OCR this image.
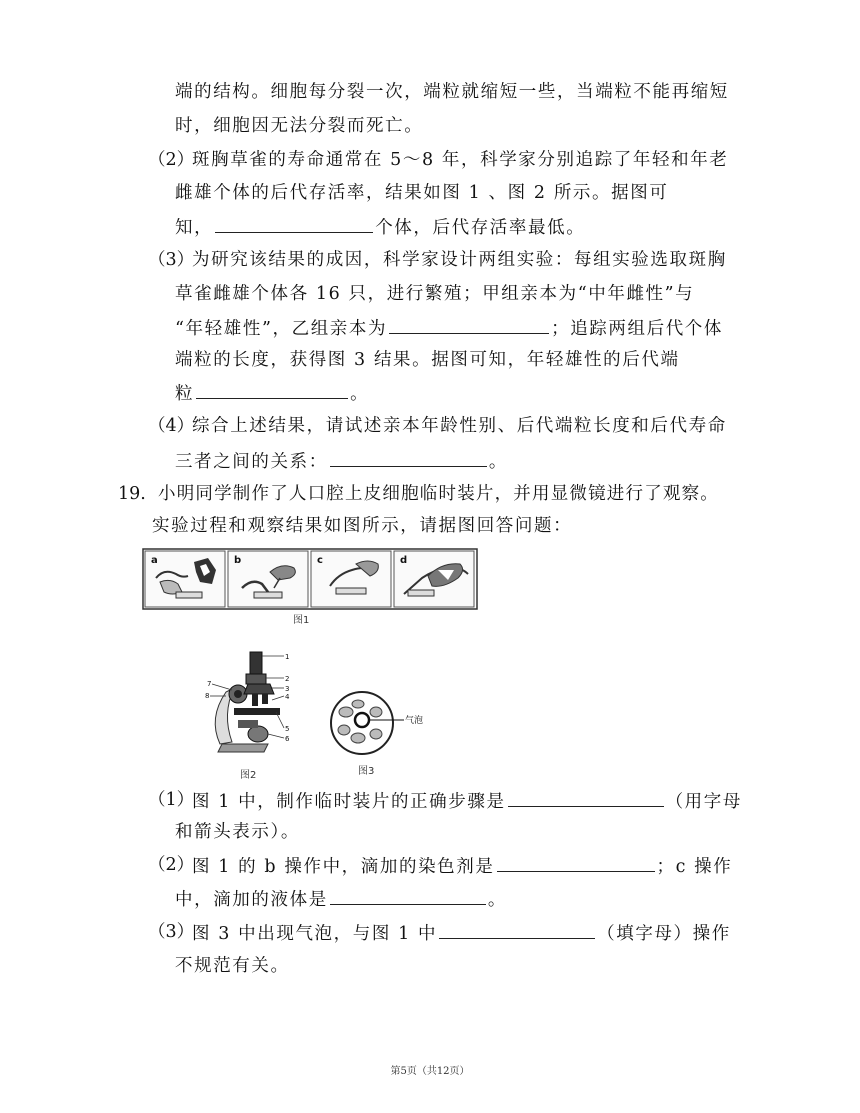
端的结构。细胞每分裂一次，端粒就缩短一些，当端粒不能再缩短
时，细胞因无法分裂而死亡。
（2）
斑胸草雀的寿命通常在 5～8 年，科学家分别追踪了年轻和年老
雌雄个体的后代存活率，结果如图 1 、图 2 所示。据图可
知，	个体，后代存活率最低。
（3）
为研究该结果的成因，科学家设计两组实验：每组实验选取斑胸
草雀雌雄个体各 16 只，进行繁殖；甲组亲本为“中年雌性”与
“年轻雄性”，乙组亲本为	；追踪两组后代个体
端粒的长度，获得图 3 结果。据图可知，年轻雄性的后代端
粒	。
（4）
综合上述结果，请试述亲本年龄性别、后代端粒长度和后代寿命
三者之间的关系：	。
19. 小明同学制作了人口腔上皮细胞临时装片，并用显微镜进行了观察。
实验过程和观察结果如图所示，请据图回答问题：
a	b	c	d
图1
1
2
3
4
5
6
7
8
图2
气泡
图3
（1）
图 1 中，制作临时装片的正确步骤是	（用字母
和箭头表示）。
（2）
图 1 的 b 操作中，滴加的染色剂是	；c 操作
中，滴加的液体是	。
（3）
图 3 中出现气泡，与图 1 中	（填字母）操作
不规范有关。
第5页（共12页）
